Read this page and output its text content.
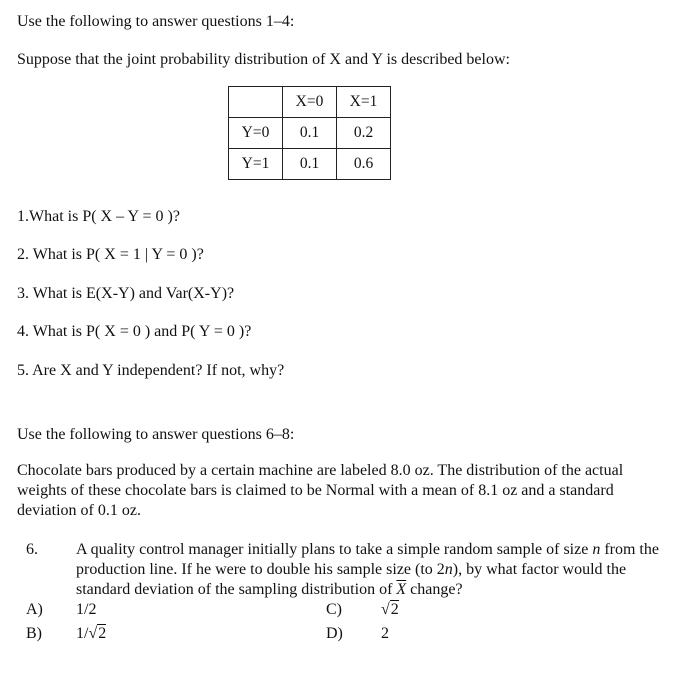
Use the following to answer questions 1–4:
Suppose that the joint probability distribution of X and Y is described below:
	X=0	X=1
Y=0	0.1	0.2
Y=1	0.1	0.6
1.What is P( X – Y = 0 )?
2. What is P( X = 1 | Y = 0 )?
3. What is E(X-Y) and Var(X-Y)?
4. What is P( X = 0 ) and P( Y = 0 )?
5. Are X and Y independent? If not, why?
Use the following to answer questions 6–8:
Chocolate bars produced by a certain machine are labeled 8.0 oz. The distribution of the actual weights of these chocolate bars is claimed to be Normal with a mean of 8.1 oz and a standard deviation of 0.1 oz.
6. A quality control manager initially plans to take a simple random sample of size n from the production line. If he were to double his sample size (to 2n), by what factor would the standard deviation of the sampling distribution of $\overline{X}$ change?
A) 1/2	C) √2
B) 1/√2	D) 2
